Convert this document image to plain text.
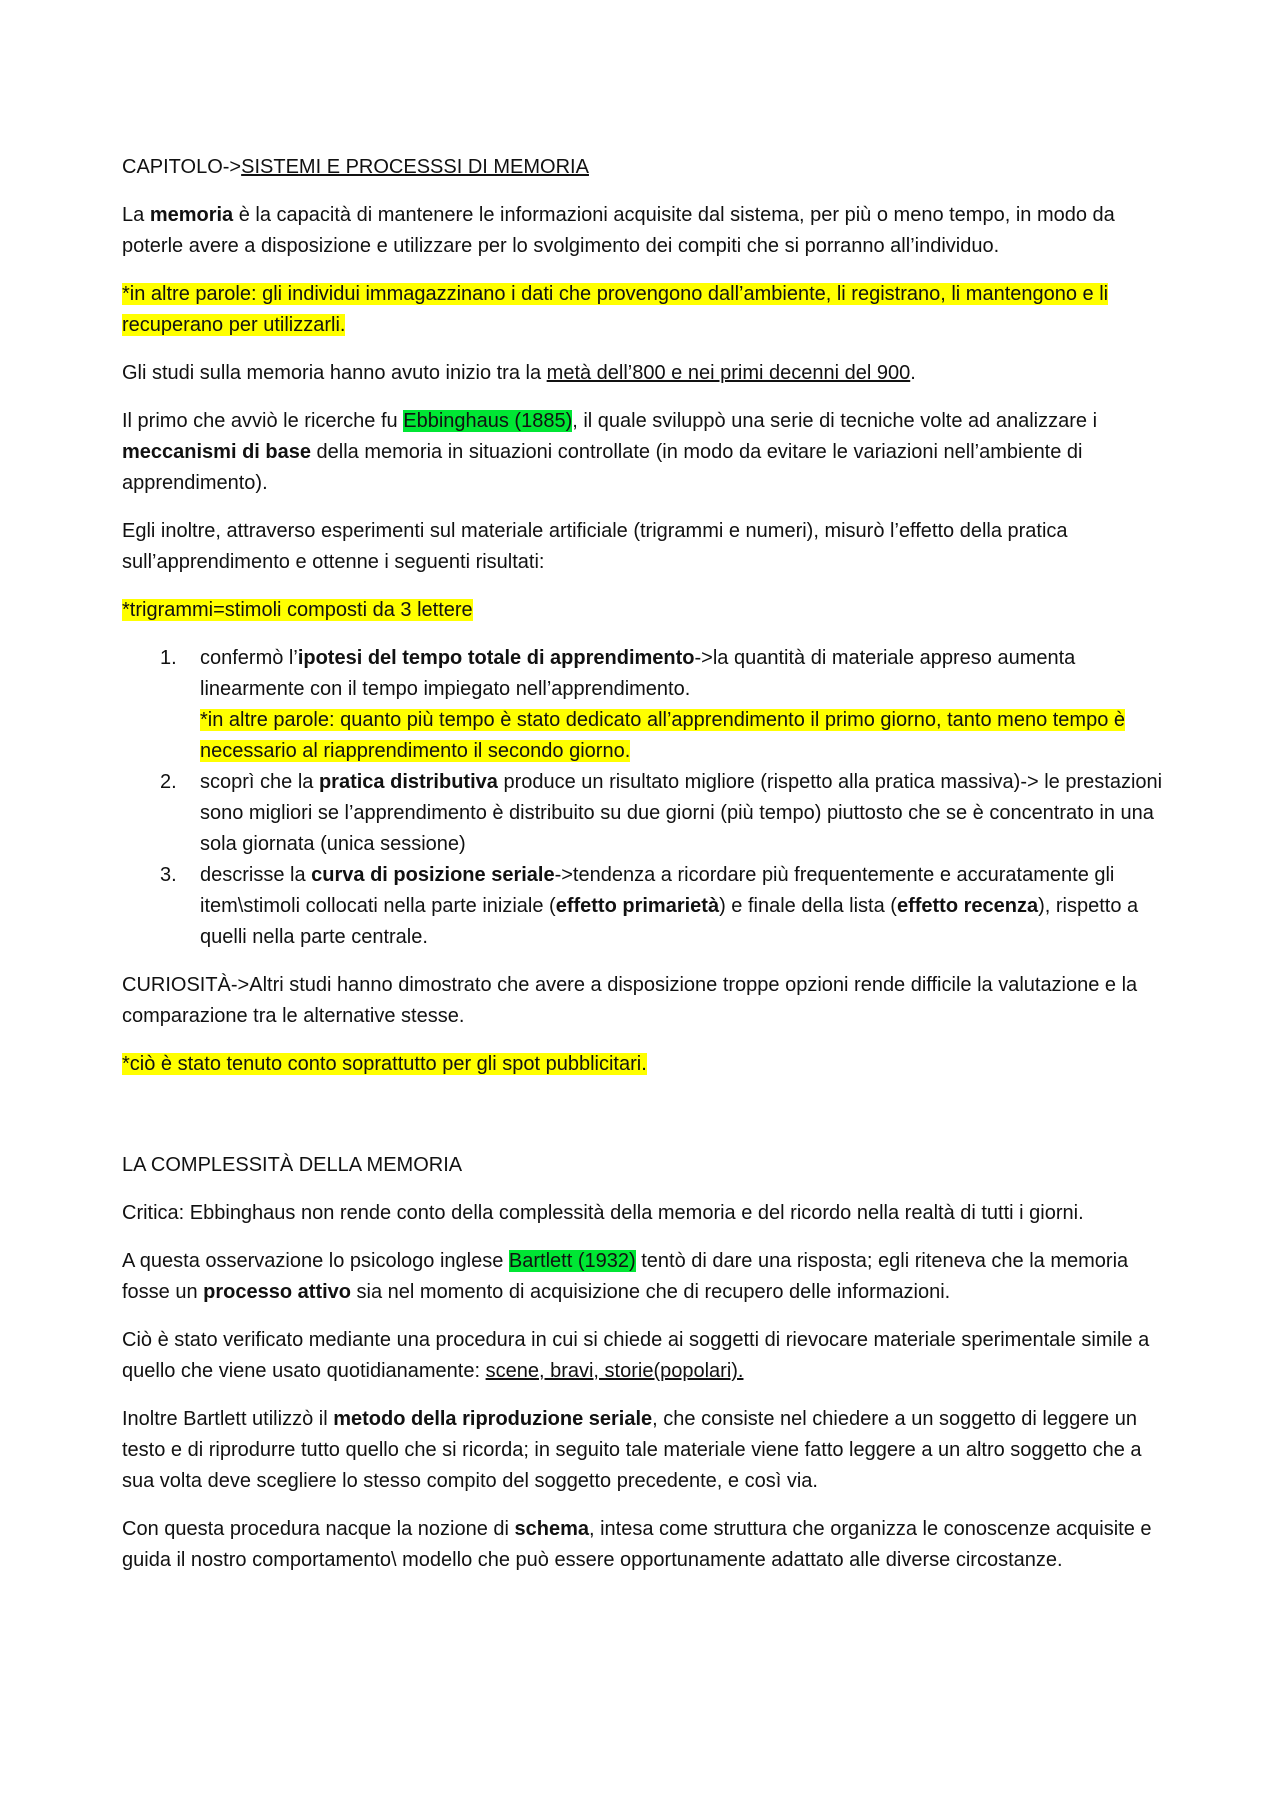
CAPITOLO->SISTEMI E PROCESSSI DI MEMORIA

La memoria è la capacità di mantenere le informazioni acquisite dal sistema, per più o meno tempo, in modo da poterle avere a disposizione e utilizzare per lo svolgimento dei compiti che si porranno all’individuo.

*in altre parole: gli individui immagazzinano i dati che provengono dall’ambiente, li registrano, li mantengono e li recuperano per utilizzarli.

Gli studi sulla memoria hanno avuto inizio tra la metà dell’800 e nei primi decenni del 900.

Il primo che avviò le ricerche fu Ebbinghaus (1885), il quale sviluppò una serie di tecniche volte ad analizzare i meccanismi di base della memoria in situazioni controllate (in modo da evitare le variazioni nell’ambiente di apprendimento).

Egli inoltre, attraverso esperimenti sul materiale artificiale (trigrammi e numeri), misurò l’effetto della pratica sull’apprendimento e ottenne i seguenti risultati:

*trigrammi=stimoli composti da 3 lettere

1. confermò l’ipotesi del tempo totale di apprendimento->la quantità di materiale appreso aumenta linearmente con il tempo impiegato nell’apprendimento.
*in altre parole: quanto più tempo è stato dedicato all’apprendimento il primo giorno, tanto meno tempo è necessario al riapprendimento il secondo giorno.
2. scoprì che la pratica distributiva produce un risultato migliore (rispetto alla pratica massiva)-> le prestazioni sono migliori se l’apprendimento è distribuito su due giorni (più tempo) piuttosto che se è concentrato in una sola giornata (unica sessione)
3. descrisse la curva di posizione seriale->tendenza a ricordare più frequentemente e accuratamente gli item\stimoli collocati nella parte iniziale (effetto primarietà) e finale della lista (effetto recenza), rispetto a quelli nella parte centrale.

CURIOSITÀ->Altri studi hanno dimostrato che avere a disposizione troppe opzioni rende difficile la valutazione e la comparazione tra le alternative stesse.

*ciò è stato tenuto conto soprattutto per gli spot pubblicitari.

LA COMPLESSITÀ DELLA MEMORIA

Critica: Ebbinghaus non rende conto della complessità della memoria e del ricordo nella realtà di tutti i giorni.

A questa osservazione lo psicologo inglese Bartlett (1932) tentò di dare una risposta; egli riteneva che la memoria fosse un processo attivo sia nel momento di acquisizione che di recupero delle informazioni.

Ciò è stato verificato mediante una procedura in cui si chiede ai soggetti di rievocare materiale sperimentale simile a quello che viene usato quotidianamente: scene, bravi, storie(popolari).

Inoltre Bartlett utilizzò il metodo della riproduzione seriale, che consiste nel chiedere a un soggetto di leggere un testo e di riprodurre tutto quello che si ricorda; in seguito tale materiale viene fatto leggere a un altro soggetto che a sua volta deve scegliere lo stesso compito del soggetto precedente, e così via.

Con questa procedura nacque la nozione di schema, intesa come struttura che organizza le conoscenze acquisite e guida il nostro comportamento\ modello che può essere opportunamente adattato alle diverse circostanze.
